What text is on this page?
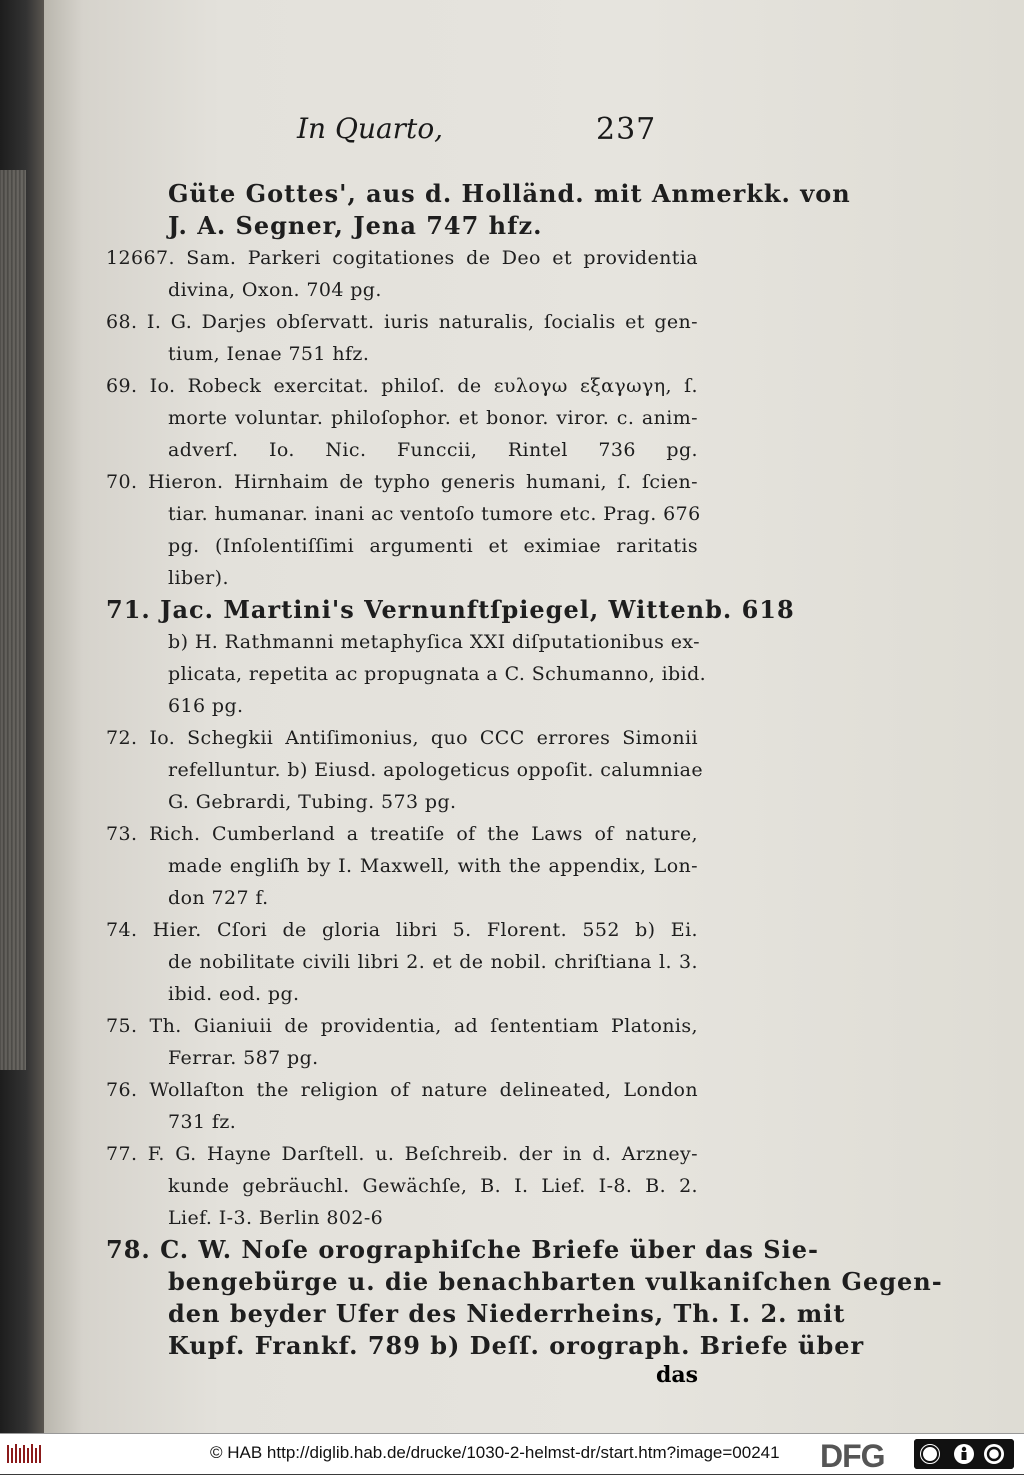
In Quarto,	237
Güte Gottes', aus d. Holländ. mit Anmerkk. von
J. A. Segner, Jena 747 hfz.
12667. Sam. Parkeri cogitationes de Deo et providentia
divina, Oxon. 704 pg.
68. I. G. Darjes obſervatt. iuris naturalis, ſocialis et gen-
tium, Ienae 751 hfz.
69. Io. Robeck exercitat. philoſ. de ευλογω εξαγωγη, ſ.
morte voluntar. philoſophor. et bonor. viror. c. anim-
adverſ. Io. Nic. Funccii, Rintel 736 pg.
70. Hieron. Hirnhaim de typho generis humani, ſ. ſcien-
tiar. humanar. inani ac ventoſo tumore etc. Prag. 676
pg. (Inſolentiſſimi argumenti et eximiae raritatis
liber).
71. Jac. Martini's Vernunftſpiegel, Wittenb. 618
b) H. Rathmanni metaphyſica XXI diſputationibus ex-
plicata, repetita ac propugnata a C. Schumanno, ibid.
616 pg.
72. Io. Schegkii Antiſimonius, quo CCC errores Simonii
refelluntur. b) Eiusd. apologeticus oppoſit. calumniae
G. Gebrardi, Tubing. 573 pg.
73. Rich. Cumberland a treatiſe of the Laws of nature,
made engliſh by I. Maxwell, with the appendix, Lon-
don 727 f.
74. Hier. Cſori de gloria libri 5. Florent. 552 b) Ei.
de nobilitate civili libri 2. et de nobil. chriſtiana l. 3.
ibid. eod. pg.
75. Th. Gianiuii de providentia, ad ſententiam Platonis,
Ferrar. 587 pg.
76. Wollaſton the religion of nature delineated, London
731 fz.
77. F. G. Hayne Darſtell. u. Beſchreib. der in d. Arzney-
kunde gebräuchl. Gewächſe, B. I. Lief. I-8. B. 2.
Lief. I-3. Berlin 802-6
78. C. W. Noſe orographiſche Briefe über das Sie-
bengebürge u. die benachbarten vulkaniſchen Gegen-
den beyder Ufer des Niederrheins, Th. I. 2. mit
Kupf. Frankf. 789 b) Deſſ. orograph. Briefe über
das
© HAB http://diglib.hab.de/drucke/1030-2-helmst-dr/start.htm?image=00241 DFG
